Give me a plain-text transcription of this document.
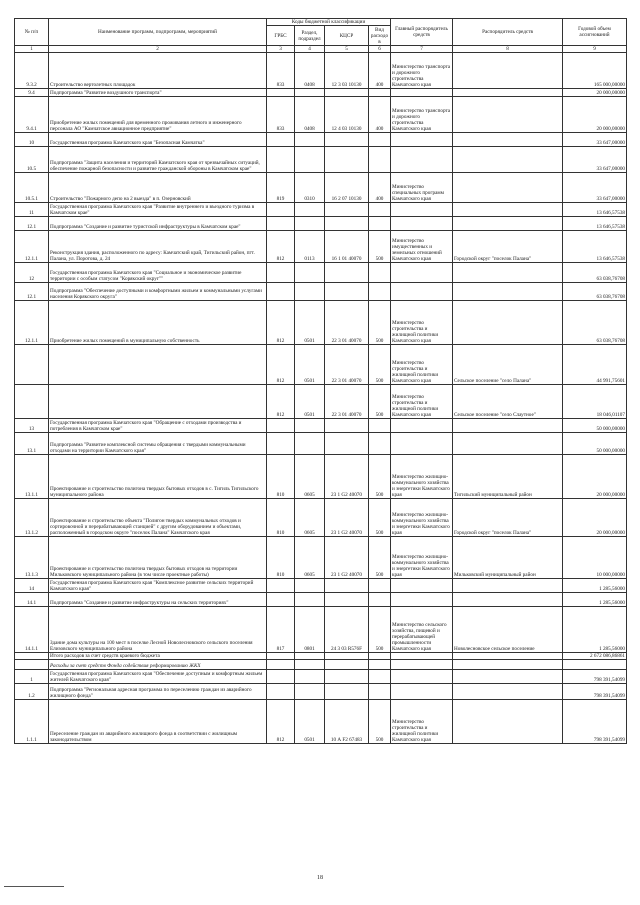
№ п/п	Наименование программ, подпрограмм, мероприятий	Коды бюджетной классификации				Главный распорядитель средств	Распорядитель средств	Годовой объем ассигнований
		ГРБС	Раздел, подраздел	КЦСР	Вид расходов			
1	2	3	4	5	6	7	8	9
9.3.2	Строительство вертолетных площадок	833	0408	12 3 03 10130	400	Министерство транспорта и дорожного строительства Камчатского края		165 000,00000
9.4	Подпрограмма "Развитие воздушного транспорта"							20 000,00000
9.4.1	Приобретение жилых помещений для временного проживания летного и инженерного персонала АО "Камчатское авиационное предприятие"	833	0408	12 4 03 10130	400	Министерство транспорта и дорожного строительства Камчатского края		20 000,00000
10	Государственная программа Камчатского края "Безопасная Камчатка"							33 647,00000
10.5	Подпрограмма "Защита населения и территорий Камчатского края от чрезвычайных ситуаций, обеспечение пожарной безопасности и развитие гражданской обороны в Камчатском крае"							33 647,00000
10.5.1	Строительство "Пожарного депо на 2 выезда" в п. Озерновский	819	0310	16 2 07 10130	400	Министерство специальных программ Камчатского края		33 647,00000
11	Государственная программа Камчатского края "Развитие внутреннего и въездного туризма в Камчатском крае"							13 646,57538
12.1	Подпрограмма "Создание и развитие туристской инфраструктуры в Камчатском крае"							13 646,57538
12.1.1	Реконструкция здания, расположенного по адресу: Камчатский край, Тигильский район, пгт. Палана, ул. Поротова, д. 24	812	0113	16 1 01 40070	500	Министерство имущественных и земельных отношений Камчатского края	Городской округ "поселок Палана"	13 646,57538
12	Государственная программа Камчатского края "Социальное и экономическое развитие территории с особым статусом "Корякский округ""							63 038,76708
12.1	Подпрограмма "Обеспечение доступными и комфортными жильем и коммунальными услугами населения Корякского округа"							63 038,76708
12.1.1	Приобретение жилых помещений в муниципальную собственность	812	0501	22 3 01 40070	500	Министерство строительства и жилищной политики Камчатского края		63 038,76708
		812	0501	22 3 01 40070	500	Министерство строительства и жилищной политики Камчатского края	Сельское поселение "село Палана"	44 991,75601
		812	0501	22 3 01 40070	500	Министерство строительства и жилищной политики Камчатского края	Сельское поселение "село Слаутное"	18 046,01107
13	Государственная программа Камчатского края "Обращение с отходами производства и потребления в Камчатском крае"							50 000,00000
13.1	Подпрограмма "Развитие комплексной системы обращения с твердыми коммунальными отходами на территории Камчатского края"							50 000,00000
13.1.1	Проектирование и строительство полигона твердых бытовых отходов в с. Тигиль Тигильского муниципального района	810	0605	23 1 G2 40070	500	Министерство жилищно-коммунального хозяйства и энергетики Камчатского края	Тигильский муниципальный район	20 000,00000
13.1.2	Проектирование и строительство объекта "Полигон твердых коммунальных отходов и сортировочной и перерабатывающей станцией" с другим оборудованием и объектами, расположенный в городском округе "поселок Палана" Камчатского края	810	0605	23 1 G2 40070	500	Министерство жилищно-коммунального хозяйства и энергетики Камчатского края	Городской округ "поселок Палана"	20 000,00000
13.1.3	Проектирование и строительство полигона твердых бытовых отходов на территории Мильковского муниципального района (в том числе проектные работы)	810	0605	23 1 G2 40070	500	Министерство жилищно-коммунального хозяйства и энергетики Камчатского края	Мильковский муниципальный район	10 000,00000
14	Государственная программа Камчатского края "Комплексное развитие сельских территорий Камчатского края"							1 285,56000
14.1	Подпрограмма "Создание и развитие инфраструктуры на сельских территориях"							1 285,56000
14.1.1	Здание дома культуры на 100 мест в поселке Лесной Новолесновского сельского поселения Елизовского муниципального района	817	0801	24 3 03 R576F	500	Министерство сельского хозяйства, пищевой и перерабатывающей промышленности Камчатского края	Новолесновское сельское поселение	1 285,56000
	Итого расходов за счет средств краевого бюджета							2 672 086,86861
	Расходы за счет средств Фонда содействия реформированию ЖКХ							
1	Государственная программа Камчатского края "Обеспечение доступным и комфортным жильем жителей Камчатского края"							798 391,54099
1.2	Подпрограмма "Региональная адресная программа по переселению граждан из аварийного жилищного фонда"							798 391,54099
1.1.1	Переселение граждан из аварийного жилищного фонда в соответствии с жилищным законодательством	812	0501	10 А F2 67483	500	Министерство строительства и жилищной политики Камчатского края		798 391,54099
18
